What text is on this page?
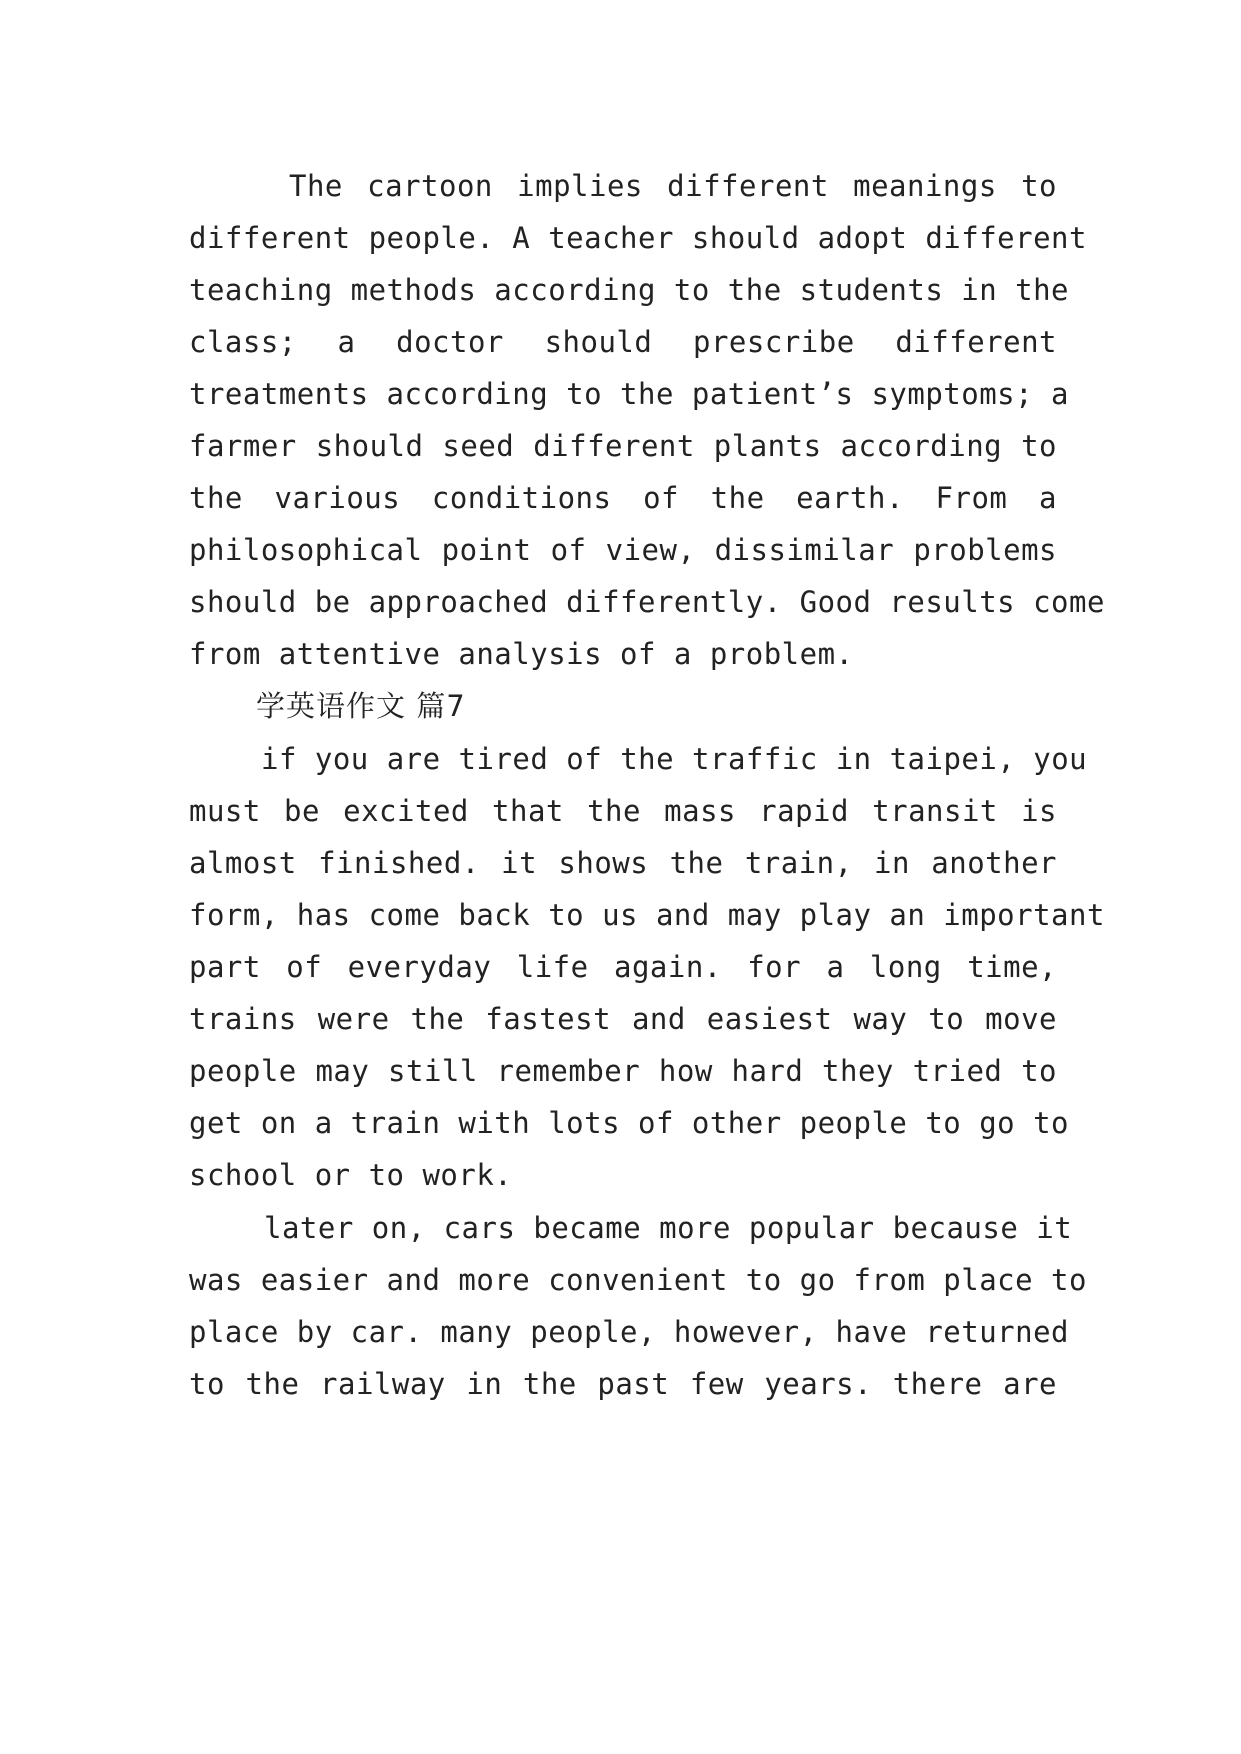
The cartoon implies different meanings to
different people. A teacher should adopt different
teaching methods according to the students in the
class; a doctor should prescribe different
treatments according to the patient’s symptoms; a
farmer should seed different plants according to
the various conditions of the earth. From a
philosophical point of view, dissimilar problems
should be approached differently. Good results come
from attentive analysis of a problem.
学英语作文 篇7
if you are tired of the traffic in taipei, you
must be excited that the mass rapid transit is
almost finished. it shows the train, in another
form, has come back to us and may play an important
part of everyday life again. for a long time,
trains were the fastest and easiest way to move
people may still remember how hard they tried to
get on a train with lots of other people to go to
school or to work.
later on, cars became more popular because it
was easier and more convenient to go from place to
place by car. many people, however, have returned
to the railway in the past few years. there are
